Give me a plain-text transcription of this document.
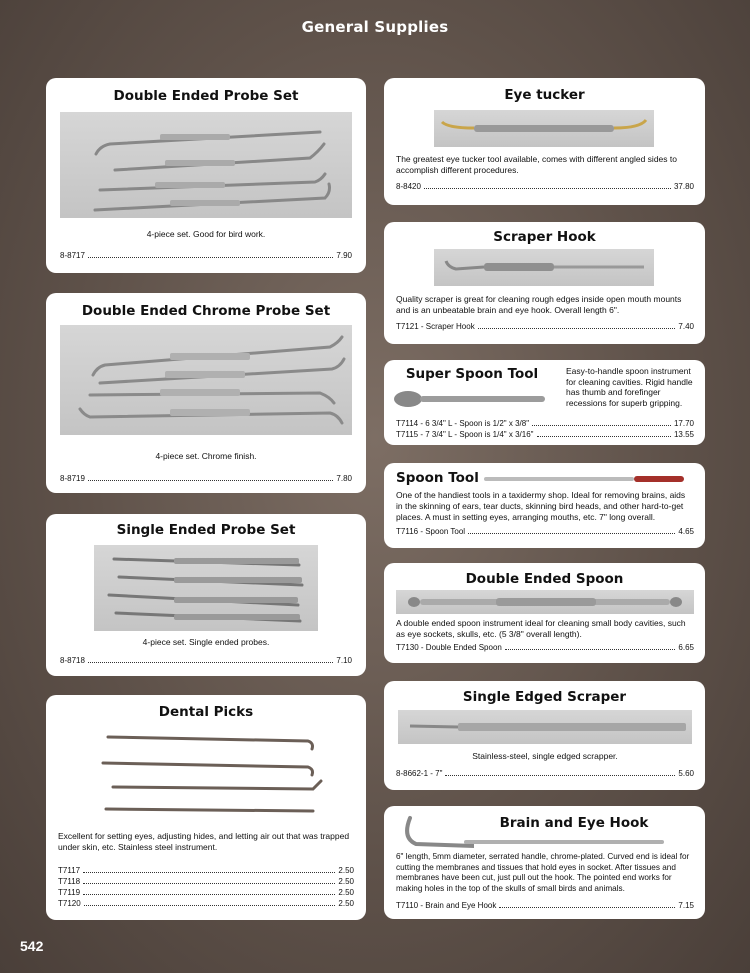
General Supplies
Double Ended Probe Set
4-piece set. Good for bird work.
8-8717	7.90
Double Ended Chrome Probe Set
4-piece set. Chrome finish.
8-8719	7.80
Single Ended Probe Set
4-piece set. Single ended probes.
8-8718	7.10
Dental Picks
Excellent for setting eyes, adjusting hides, and letting air out that was trapped under skin, etc. Stainless steel instrument.
T7117	2.50
T7118	2.50
T7119	2.50
T7120	2.50
Eye tucker
The greatest eye tucker tool available, comes with different angled sides to accomplish different procedures.
8-8420	37.80
Scraper Hook
Quality scraper is great for cleaning rough edges inside open mouth mounts and is an unbeatable brain and eye hook. Overall length 6".
T7121 - Scraper Hook	7.40
Super Spoon Tool	Easy-to-handle spoon instrument for cleaning cavities. Rigid handle has thumb and forefinger recessions for superb gripping.
T7114 - 6 3/4" L - Spoon is 1/2" x 3/8"	17.70
T7115 - 7 3/4" L - Spoon is 1/4" x 3/16"	13.55
Spoon Tool
One of the handiest tools in a taxidermy shop. Ideal for removing brains, aids in the skinning of ears, tear ducts, skinning bird heads, and other hard-to-get places. A must in setting eyes, arranging mouths, etc. 7" long overall.
T7116 - Spoon Tool	4.65
Double Ended Spoon
A double ended spoon instrument ideal for cleaning small body cavities, such as eye sockets, skulls, etc. (5 3/8" overall length).
T7130 - Double Ended Spoon	6.65
Single Edged Scraper
Stainless-steel, single edged scrapper.
8-8662-1 - 7"	5.60
Brain and Eye Hook
6" length, 5mm diameter, serrated handle, chrome-plated. Curved end is ideal for cutting the membranes and tissues that hold eyes in socket. After tissues and membranes have been cut, just pull out the hook. The pointed end works for making holes in the top of the skulls of small birds and animals.
T7110 - Brain and Eye Hook	7.15
542
